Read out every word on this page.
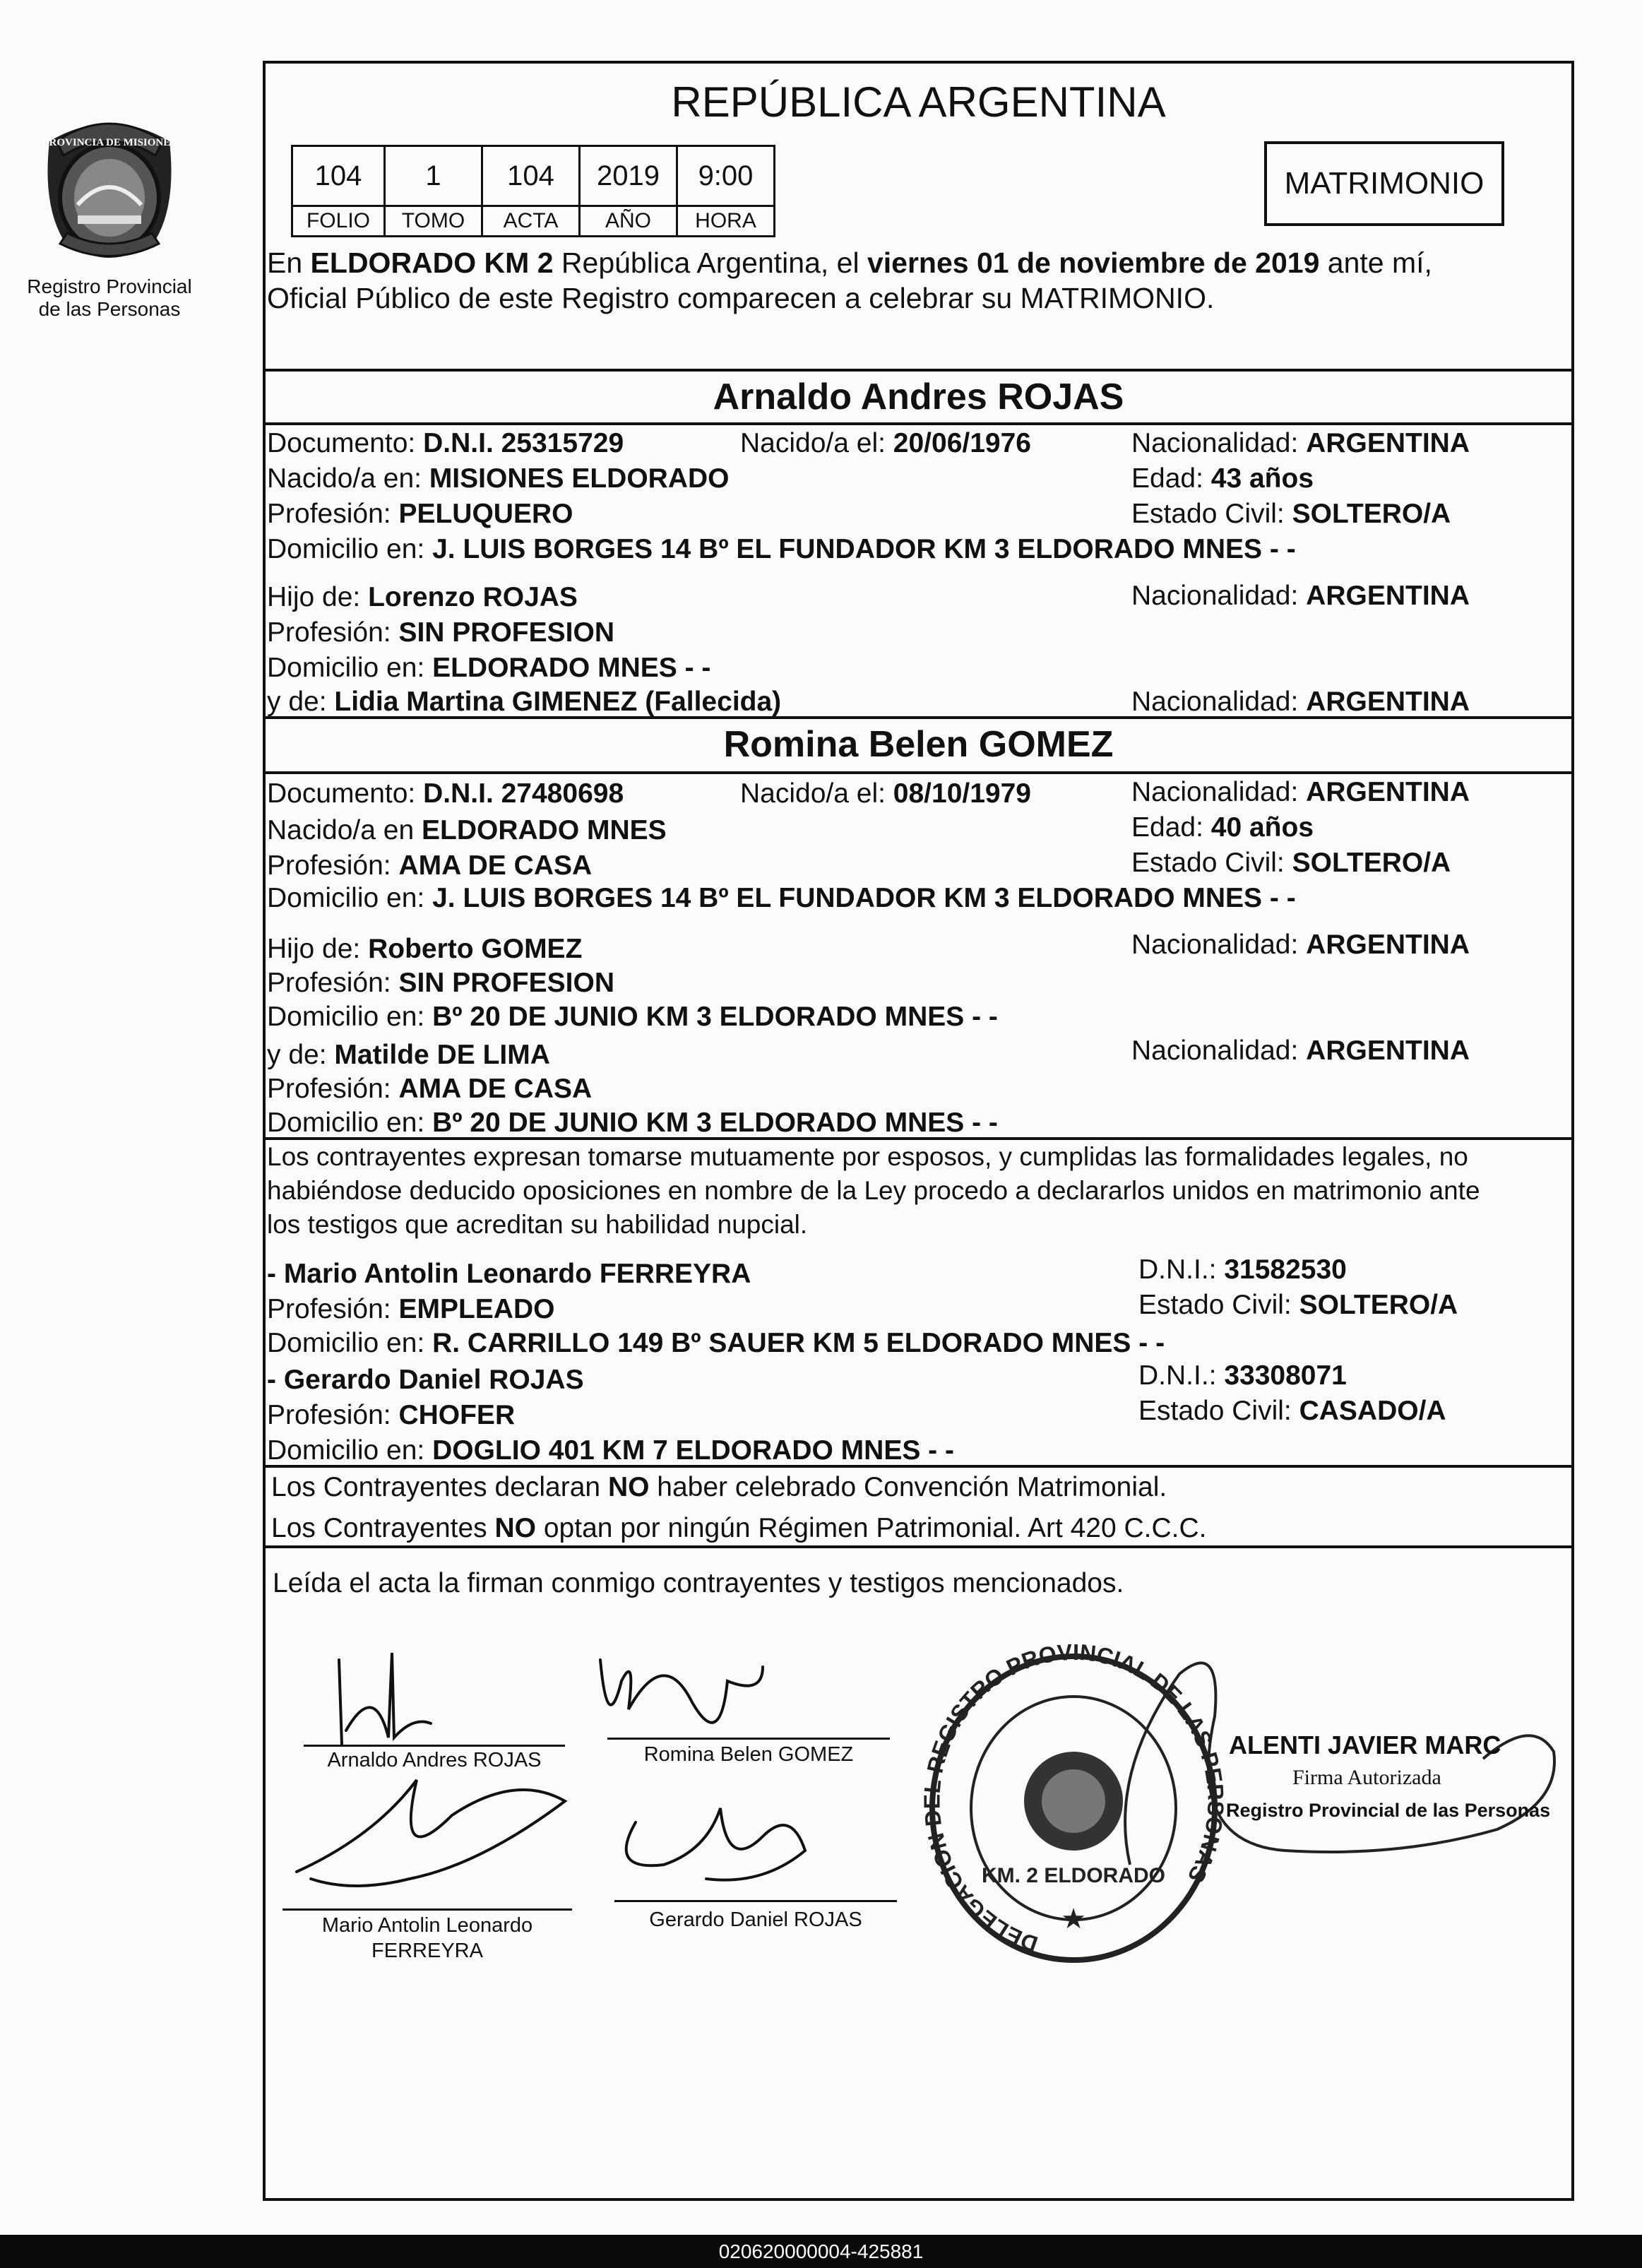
PROVINCIA DE MISIONES
Registro Provincial
de las Personas
REPÚBLICA ARGENTINA
104	1	104	2019	9:00
FOLIO	TOMO	ACTA	AÑO	HORA
MATRIMONIO
En ELDORADO KM 2 República Argentina, el viernes 01 de noviembre de 2019 ante mí,
Oficial Público de este Registro comparecen a celebrar su MATRIMONIO.
Arnaldo Andres ROJAS
Documento: D.N.I. 25315729	Nacido/a el: 20/06/1976	Nacionalidad: ARGENTINA
Nacido/a en: MISIONES ELDORADO	Edad: 43 años
Profesión: PELUQUERO	Estado Civil: SOLTERO/A
Domicilio en: J. LUIS BORGES 14 Bº EL FUNDADOR KM 3 ELDORADO MNES - -
Hijo de: Lorenzo ROJAS	Nacionalidad: ARGENTINA
Profesión: SIN PROFESION
Domicilio en: ELDORADO MNES - -
y de: Lidia Martina GIMENEZ (Fallecida)	Nacionalidad: ARGENTINA
Romina Belen GOMEZ
Documento: D.N.I. 27480698	Nacido/a el: 08/10/1979	Nacionalidad: ARGENTINA
Nacido/a en ELDORADO MNES	Edad: 40 años
Profesión: AMA DE CASA	Estado Civil: SOLTERO/A
Domicilio en: J. LUIS BORGES 14 Bº EL FUNDADOR KM 3 ELDORADO MNES - -
Hijo de: Roberto GOMEZ	Nacionalidad: ARGENTINA
Profesión: SIN PROFESION
Domicilio en: Bº 20 DE JUNIO KM 3 ELDORADO MNES - -
y de: Matilde DE LIMA	Nacionalidad: ARGENTINA
Profesión: AMA DE CASA
Domicilio en: Bº 20 DE JUNIO KM 3 ELDORADO MNES - -
Los contrayentes expresan tomarse mutuamente por esposos, y cumplidas las formalidades legales, no
habiéndose deducido oposiciones en nombre de la Ley procedo a declararlos unidos en matrimonio ante
los testigos que acreditan su habilidad nupcial.
- Mario Antolin Leonardo FERREYRA	D.N.I.: 31582530
Profesión: EMPLEADO	Estado Civil: SOLTERO/A
Domicilio en: R. CARRILLO 149 Bº SAUER KM 5 ELDORADO MNES - -
- Gerardo Daniel ROJAS	D.N.I.: 33308071
Profesión: CHOFER	Estado Civil: CASADO/A
Domicilio en: DOGLIO 401 KM 7 ELDORADO MNES - -
Los Contrayentes declaran NO haber celebrado Convención Matrimonial.
Los Contrayentes NO optan por ningún Régimen Patrimonial. Art 420 C.C.C.
Leída el acta la firman conmigo contrayentes y testigos mencionados.
Arnaldo Andres ROJAS	Romina Belen GOMEZ
Mario Antolin Leonardo
FERREYRA
Gerardo Daniel ROJAS
DELEGACION DEL REGISTRO PROVINCIAL DE LAS PERSONAS
KM. 2 ELDORADO
★
ALENTI JAVIER MARC
Firma Autorizada
Registro Provincial de las Personas
020620000004-425881
